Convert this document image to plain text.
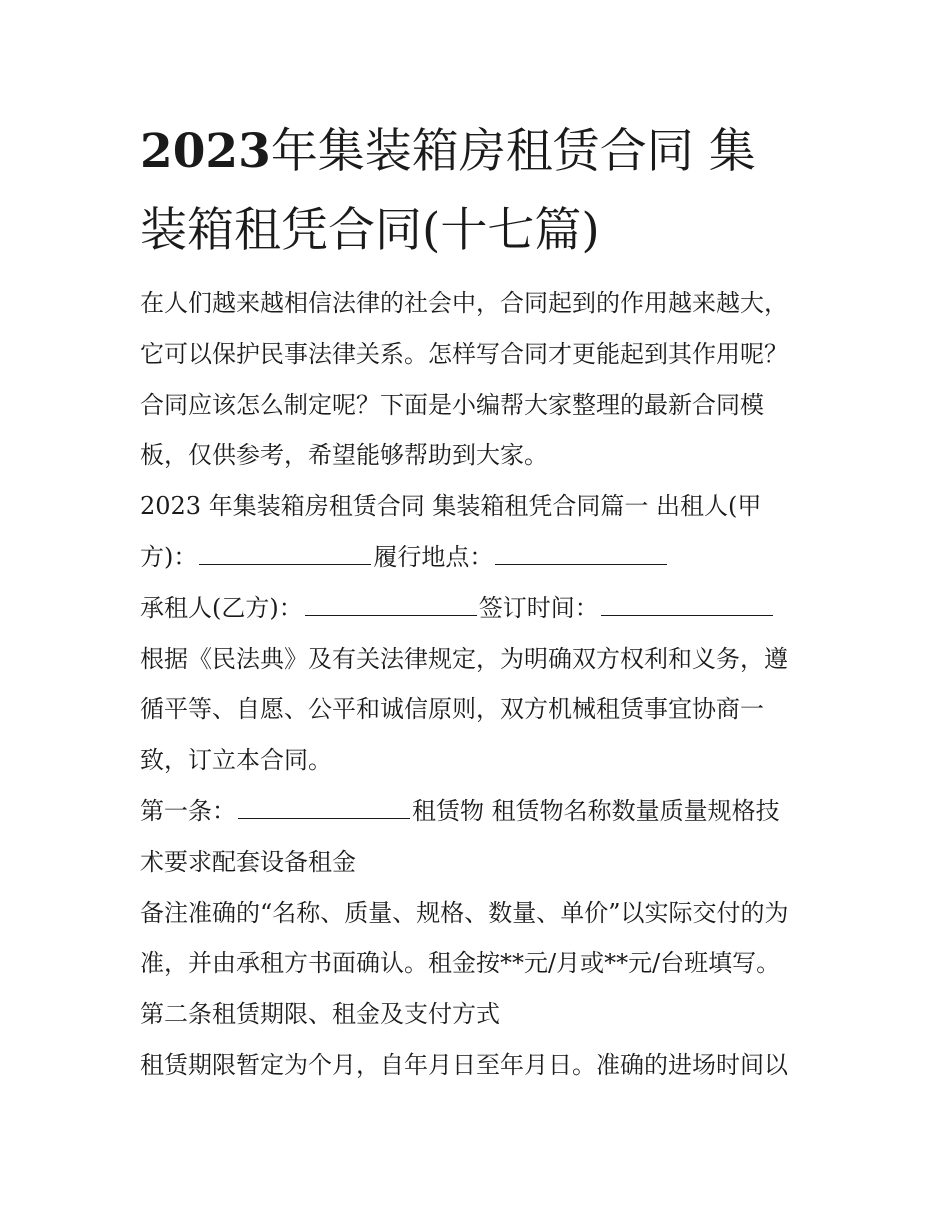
2023年集装箱房租赁合同 集
装箱租凭合同(十七篇)
在人们越来越相信法律的社会中，合同起到的作用越来越大，
它可以保护民事法律关系。怎样写合同才更能起到其作用呢？
合同应该怎么制定呢？下面是小编帮大家整理的最新合同模
板，仅供参考，希望能够帮助到大家。
2023 年集装箱房租赁合同 集装箱租凭合同篇一 出租人(甲
方)：	履行地点：
承租人(乙方)：	签订时间：
根据《民法典》及有关法律规定，为明确双方权利和义务，遵
循平等、自愿、公平和诚信原则，双方机械租赁事宜协商一
致，订立本合同。
第一条：	租赁物 租赁物名称数量质量规格技
术要求配套设备租金
备注准确的“名称、质量、规格、数量、单价”以实际交付的为
准，并由承租方书面确认。租金按**元/月或**元/台班填写。
第二条租赁期限、租金及支付方式
租赁期限暂定为个月，自年月日至年月日。准确的进场时间以
